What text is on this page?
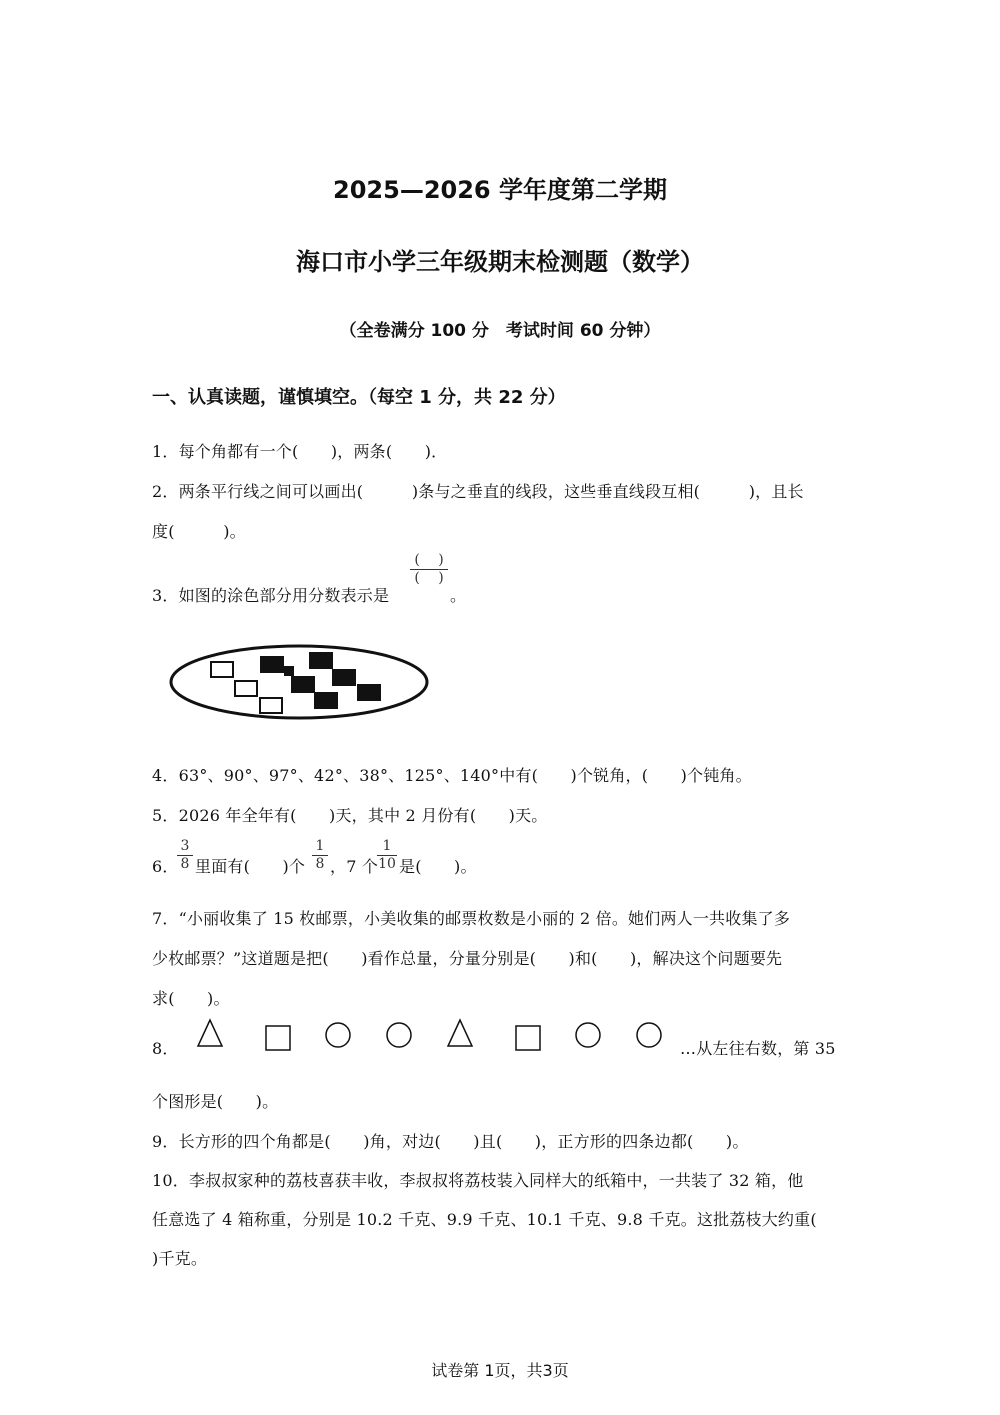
2025—2026 学年度第二学期
海口市小学三年级期末检测题（数学）
（全卷满分 100 分　考试时间 60 分钟）
一、认真读题，谨慎填空。（每空 1 分，共 22 分）
1．每个角都有一个(　　)，两条(　　)．
2．两条平行线之间可以画出(　　　)条与之垂直的线段，这些垂直线段互相(　　　)，且长
度(　　　)。
3．如图的涂色部分用分数表示是
(　 )
(　 )
。
4．63°、90°、97°、42°、38°、125°、140°中有(　　)个锐角，(　　)个钝角。
5．2026 年全年有(　　)天，其中 2 月份有(　　)天。
6．
$\frac{3}{8}$ 里面有(　　)个 $\frac{1}{8}$ ，7 个
$\frac{1}{10}$ 是(　　)。
7．“小丽收集了 15 枚邮票，小美收集的邮票枚数是小丽的 2 倍。她们两人一共收集了多
少枚邮票？”这道题是把(　　)看作总量，分量分别是(　　)和(　　)，解决这个问题要先
求(　　)。
8．	…从左往右数，第 35
个图形是(　　)。
9．长方形的四个角都是(　　)角，对边(　　)且(　　)，正方形的四条边都(　　)。
10．李叔叔家种的荔枝喜获丰收，李叔叔将荔枝装入同样大的纸箱中，一共装了 32 箱，他
任意选了 4 箱称重，分别是 10.2 千克、9.9 千克、10.1 千克、9.8 千克。这批荔枝大约重(
)千克。
试卷第 1页，共3页
